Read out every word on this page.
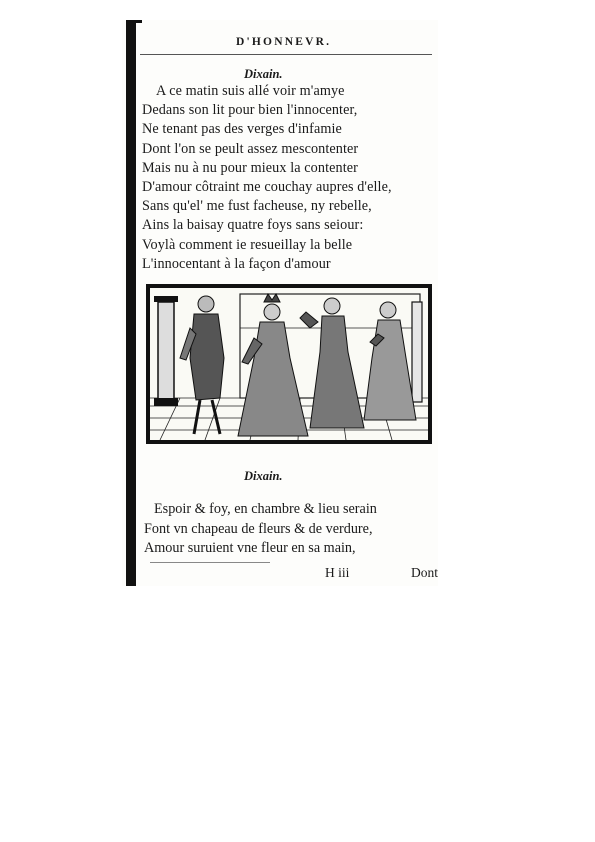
D'HONNEVR.
Dixain.
A ce matin suis allé voir m'amye
Dedans son lit pour bien l'innocenter,
Ne tenant pas des verges d'infamie
Dont l'on se peult assez mescontenter
Mais nu à nu pour mieux la contenter
D'amour côtraint me couchay aupres d'elle,
Sans qu'el' me fust facheuse, ny rebelle,
Ains la baisay quatre foys sans seiour:
Voylà comment ie resueillay la belle
L'innocentant à la façon d'amour
Dixain.
Espoir & foy, en chambre & lieu serain
Font vn chapeau de fleurs & de verdure,
Amour suruient vne fleur en sa main,
H iii	Dont
